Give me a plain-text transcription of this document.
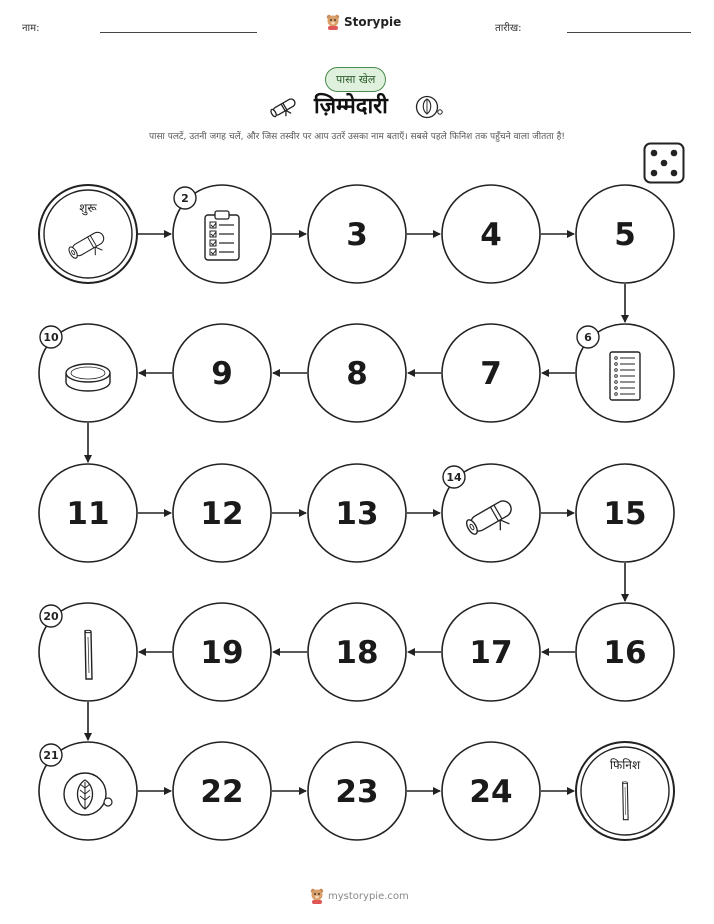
नाम:	Storypie	तारीख:
पासा खेल
ज़िम्मेदारी
पासा पलटें, उतनी जगह चलें, और जिस तस्वीर पर आप उतरें उसका नाम बताएँ। सबसे पहले फिनिश तक पहुँचने वाला जीतता है!
शुरू
2
3	4	5
6
7
8
9
10
11	12	13
14
15
16
17
18
19
20
21
22	23	24
फिनिश
mystorypie.com
